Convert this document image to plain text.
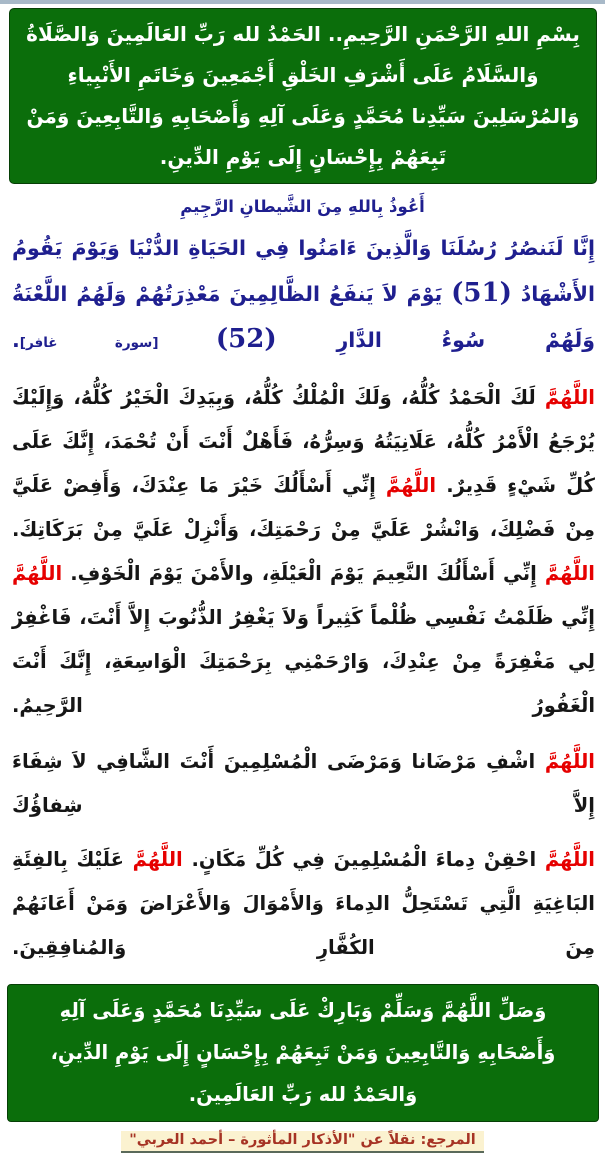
بِسْمِ اللهِ الرَّحْمَنِ الرَّحِيمِ.. الحَمْدُ لله رَبِّ العَالَمِينَ وَالصَّلَاةُ وَالسَّلَامُ عَلَى أَشْرَفِ الخَلْقِ أَجْمَعِينَ وَخَاتَمِ الأَنْبِياءِ وَالمُرْسَلِينَ سَيِّدِنا مُحَمَّدٍ وَعَلَى آلِهِ وَأَصْحَابِهِ وَالتَّابِعِينَ وَمَنْ تَبِعَهُمْ بِإِحْسَانٍ إِلَى يَوْمِ الدِّينِ.
أَعُوذُ بِاللهِ مِنَ الشَّيطانِ الرَّجِيمِ

إِنَّا لَنَنصُرُ رُسُلَنَا وَالَّذِينَ ءَامَنُوا فِي الحَيَاةِ الدُّنْيَا وَيَوْمَ يَقُومُ الأَشْهَادُ (51) يَوْمَ لاَ يَنفَعُ الظَّالِمِينَ مَعْذِرَتُهُمْ وَلَهُمُ اللَّعْنَةُ وَلَهُمْ سُوءُ الدَّارِ (52) [سورة غافر].

اللَّهُمَّ لَكَ الْحَمْدُ كُلُّهُ، وَلَكَ الْمُلْكُ كُلُّهُ، وَبِيَدِكَ الْخَيْرُ كُلُّهُ، وَإِلَيْكَ يُرْجَعُ الْأَمْرُ كُلُّهُ، عَلَانِيَتُهُ وَسِرُّهُ، فَأَهْلٌ أَنْتَ أَنْ تُحْمَدَ، إِنَّكَ عَلَى كُلِّ شَيْءٍ قَدِيرٌ. اللَّهُمَّ إِنِّي أَسْأَلُكَ خَيْرَ مَا عِنْدَكَ، وَأَفِضْ عَلَيَّ مِنْ فَضْلِكَ، وَانْشُرْ عَلَيَّ مِنْ رَحْمَتِكَ، وَأَنْزِلْ عَلَيَّ مِنْ بَرَكَاتِكَ. اللَّهُمَّ إِنِّي أَسْأَلُكَ النَّعِيمَ يَوْمَ الْعَيْلَةِ، والأَمْنَ يَوْمَ الْخَوْفِ. اللَّهُمَّ إِنِّي ظَلَمْتُ نَفْسِي ظُلْماً كَثِيراً وَلاَ يَغْفِرُ الذُّنُوبَ إِلاَّ أَنْتَ، فَاغْفِرْ لِي مَغْفِرَةً مِنْ عِنْدِكَ، وَارْحَمْنِي بِرَحْمَتِكَ الْوَاسِعَةِ، إِنَّكَ أَنْتَ الْغَفُورُ الرَّحِيمُ.

اللَّهُمَّ اشْفِ مَرْضَانا وَمَرْضَى الْمُسْلِمِينَ أَنْتَ الشَّافِي لاَ شِفَاءَ إِلاَّ شِفاؤُكَ

اللَّهُمَّ احْقِنْ دِماءَ الْمُسْلِمِينَ فِي كُلِّ مَكَانٍ. اللَّهُمَّ عَلَيْكَ بِالفِئَةِ البَاغِيَةِ الَّتِي تَسْتَحِلُّ الدِماءَ وَالأَمْوَالَ وَالأَعْرَاضَ وَمَنْ أَعَانَهُمْ مِنَ الكُفَّارِ وَالمُنافِقِينَ.

وَصَلِّ اللَّهُمَّ وَسَلِّمْ وَبَارِكْ عَلَى سَيِّدِنَا مُحَمَّدٍ وَعَلَى آلِهِ وَأَصْحَابِهِ وَالتَّابِعِينَ وَمَنْ تَبِعَهُمْ بِإِحْسَانٍ إِلَى يَوْمِ الدِّينِ، وَالحَمْدُ لله رَبِّ العَالَمِينَ.
المرجع: نقلاً عن "الأذكار المأثورة – أحمد العربي"
